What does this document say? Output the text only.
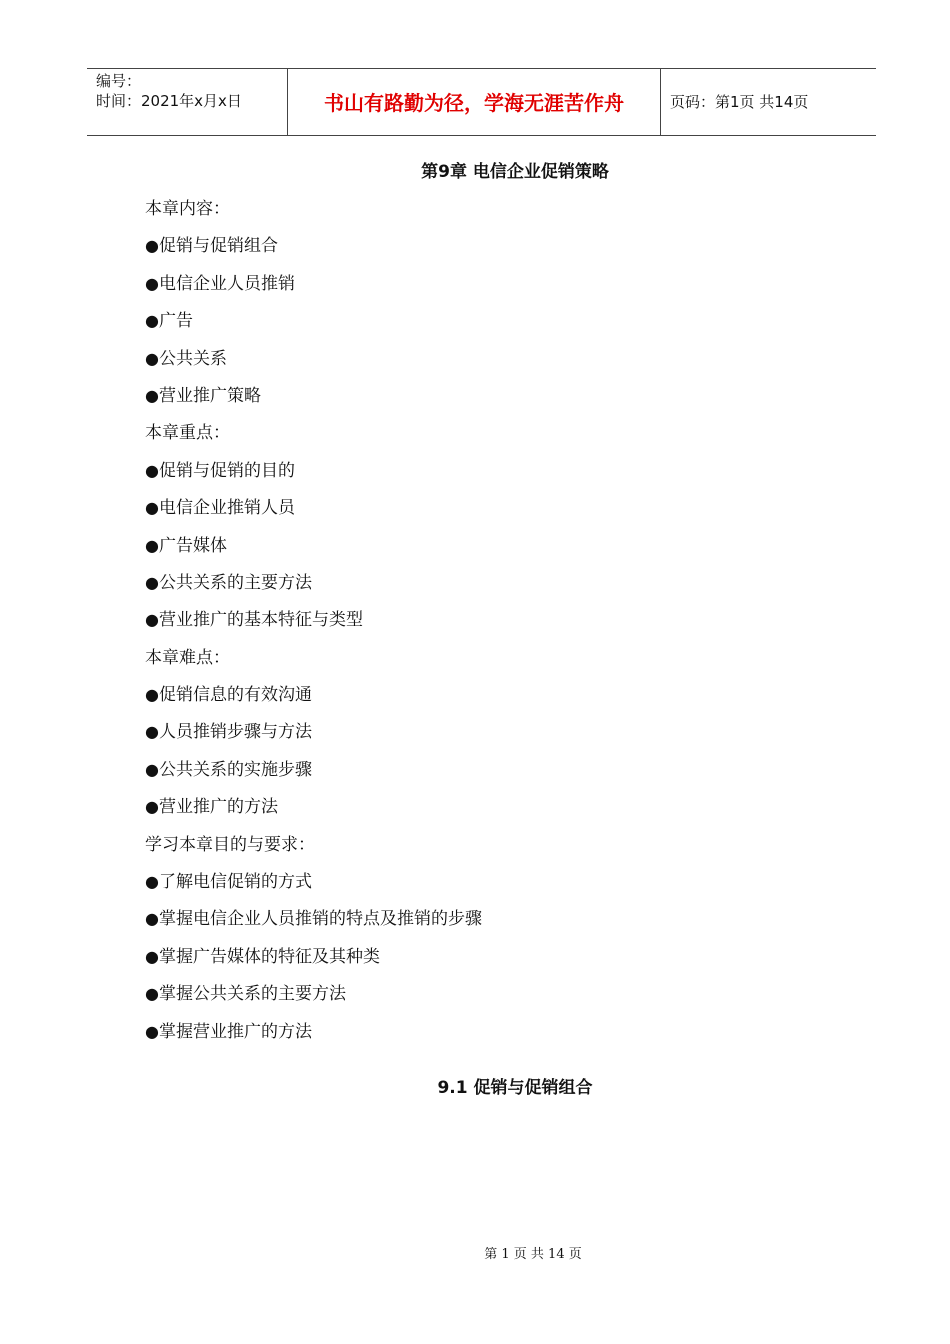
编号：
时间：2021年x月x日	书山有路勤为径，学海无涯苦作舟	页码：第1页 共14页
第9章 电信企业促销策略
本章内容：
●促销与促销组合
●电信企业人员推销
●广告
●公共关系
●营业推广策略
本章重点：
●促销与促销的目的
●电信企业推销人员
●广告媒体
●公共关系的主要方法
●营业推广的基本特征与类型
本章难点：
●促销信息的有效沟通
●人员推销步骤与方法
●公共关系的实施步骤
●营业推广的方法
学习本章目的与要求：
●了解电信促销的方式
●掌握电信企业人员推销的特点及推销的步骤
●掌握广告媒体的特征及其种类
●掌握公共关系的主要方法
●掌握营业推广的方法
9.1 促销与促销组合
第 1 页 共 14 页
